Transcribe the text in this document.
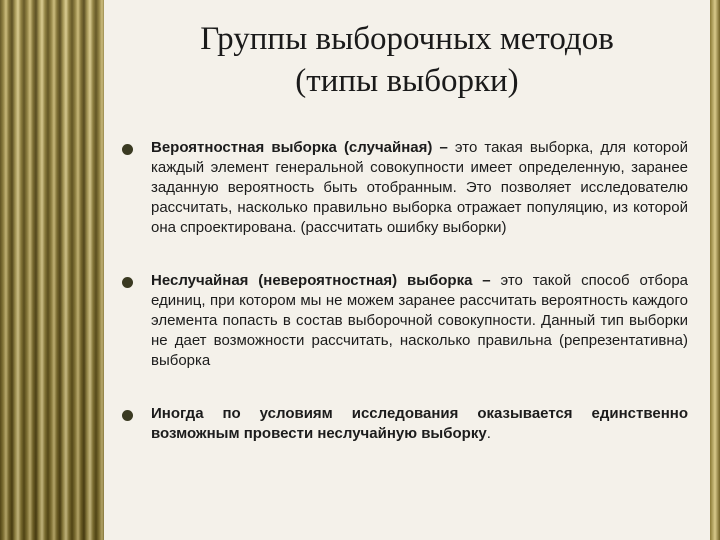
Группы выборочных методов
(типы выборки)

Вероятностная выборка (случайная) – это такая выборка, для которой каждый элемент генеральной совокупности имеет определенную, заранее заданную вероятность быть отобранным. Это позволяет исследователю рассчитать, насколько правильно выборка отражает популяцию, из которой она спроектирована. (рассчитать ошибку выборки)

Неслучайная (невероятностная) выборка – это такой способ отбора единиц, при котором мы не можем заранее рассчитать вероятность каждого элемента попасть в состав выборочной совокупности. Данный тип выборки не дает возможности рассчитать, насколько правильна (репрезентативна) выборка

Иногда по условиям исследования оказывается единственно возможным провести неслучайную выборку.
